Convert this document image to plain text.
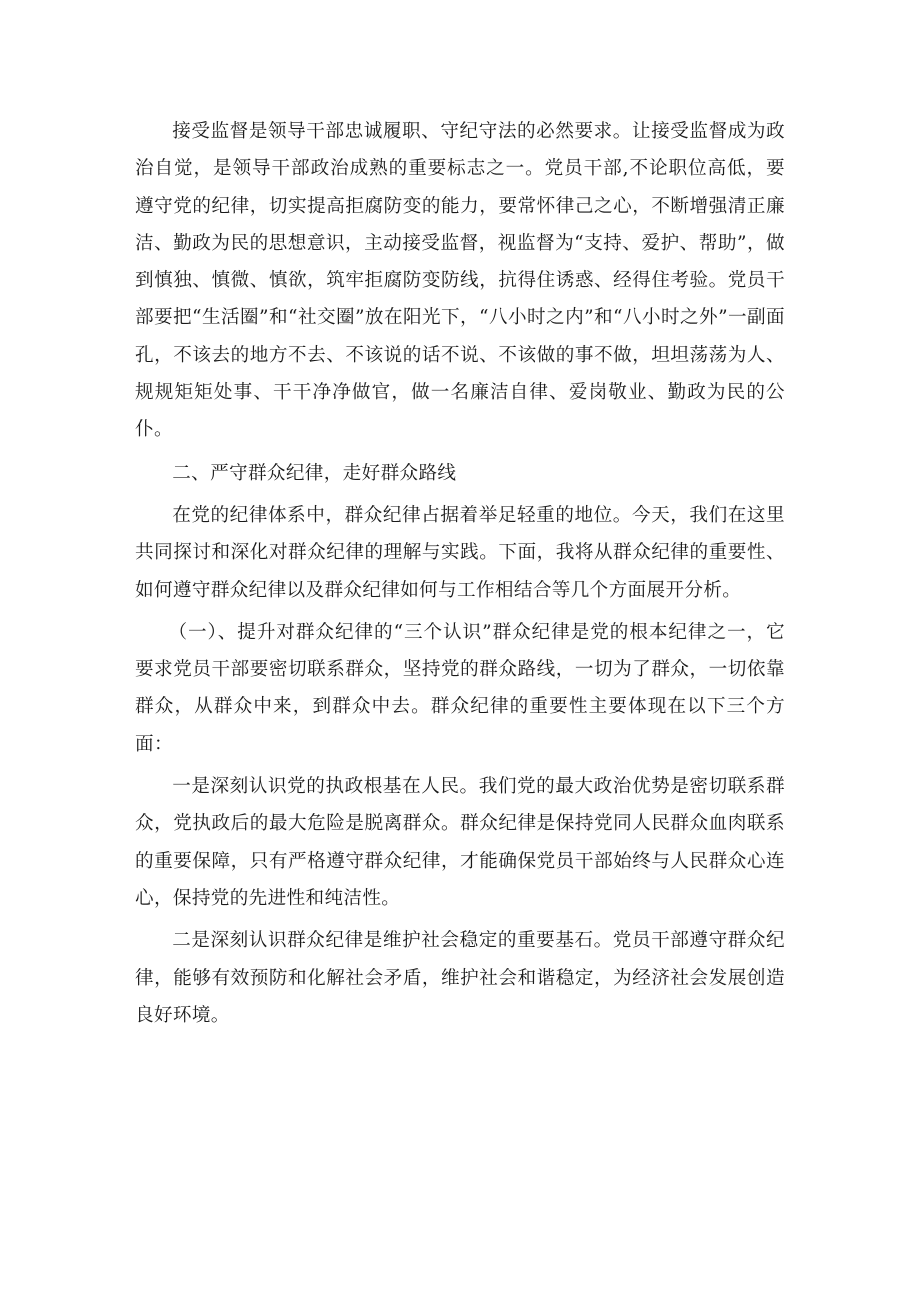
接受监督是领导干部忠诚履职、守纪守法的必然要求。让接受监督成为政治自觉，是领导干部政治成熟的重要标志之一。党员干部,不论职位高低，要遵守党的纪律，切实提高拒腐防变的能力，要常怀律己之心，不断增强清正廉洁、勤政为民的思想意识，主动接受监督，视监督为“支持、爱护、帮助”，做到慎独、慎微、慎欲，筑牢拒腐防变防线，抗得住诱惑、经得住考验。党员干部要把“生活圈”和“社交圈”放在阳光下，“八小时之内”和“八小时之外”一副面孔，不该去的地方不去、不该说的话不说、不该做的事不做，坦坦荡荡为人、规规矩矩处事、干干净净做官，做一名廉洁自律、爱岗敬业、勤政为民的公仆。

二、严守群众纪律，走好群众路线

在党的纪律体系中，群众纪律占据着举足轻重的地位。今天，我们在这里共同探讨和深化对群众纪律的理解与实践。下面，我将从群众纪律的重要性、如何遵守群众纪律以及群众纪律如何与工作相结合等几个方面展开分析。

（一）、提升对群众纪律的“三个认识”群众纪律是党的根本纪律之一，它要求党员干部要密切联系群众，坚持党的群众路线，一切为了群众，一切依靠群众，从群众中来，到群众中去。群众纪律的重要性主要体现在以下三个方面：

一是深刻认识党的执政根基在人民。我们党的最大政治优势是密切联系群众，党执政后的最大危险是脱离群众。群众纪律是保持党同人民群众血肉联系的重要保障，只有严格遵守群众纪律，才能确保党员干部始终与人民群众心连心，保持党的先进性和纯洁性。

二是深刻认识群众纪律是维护社会稳定的重要基石。党员干部遵守群众纪律，能够有效预防和化解社会矛盾，维护社会和谐稳定，为经济社会发展创造良好环境。
